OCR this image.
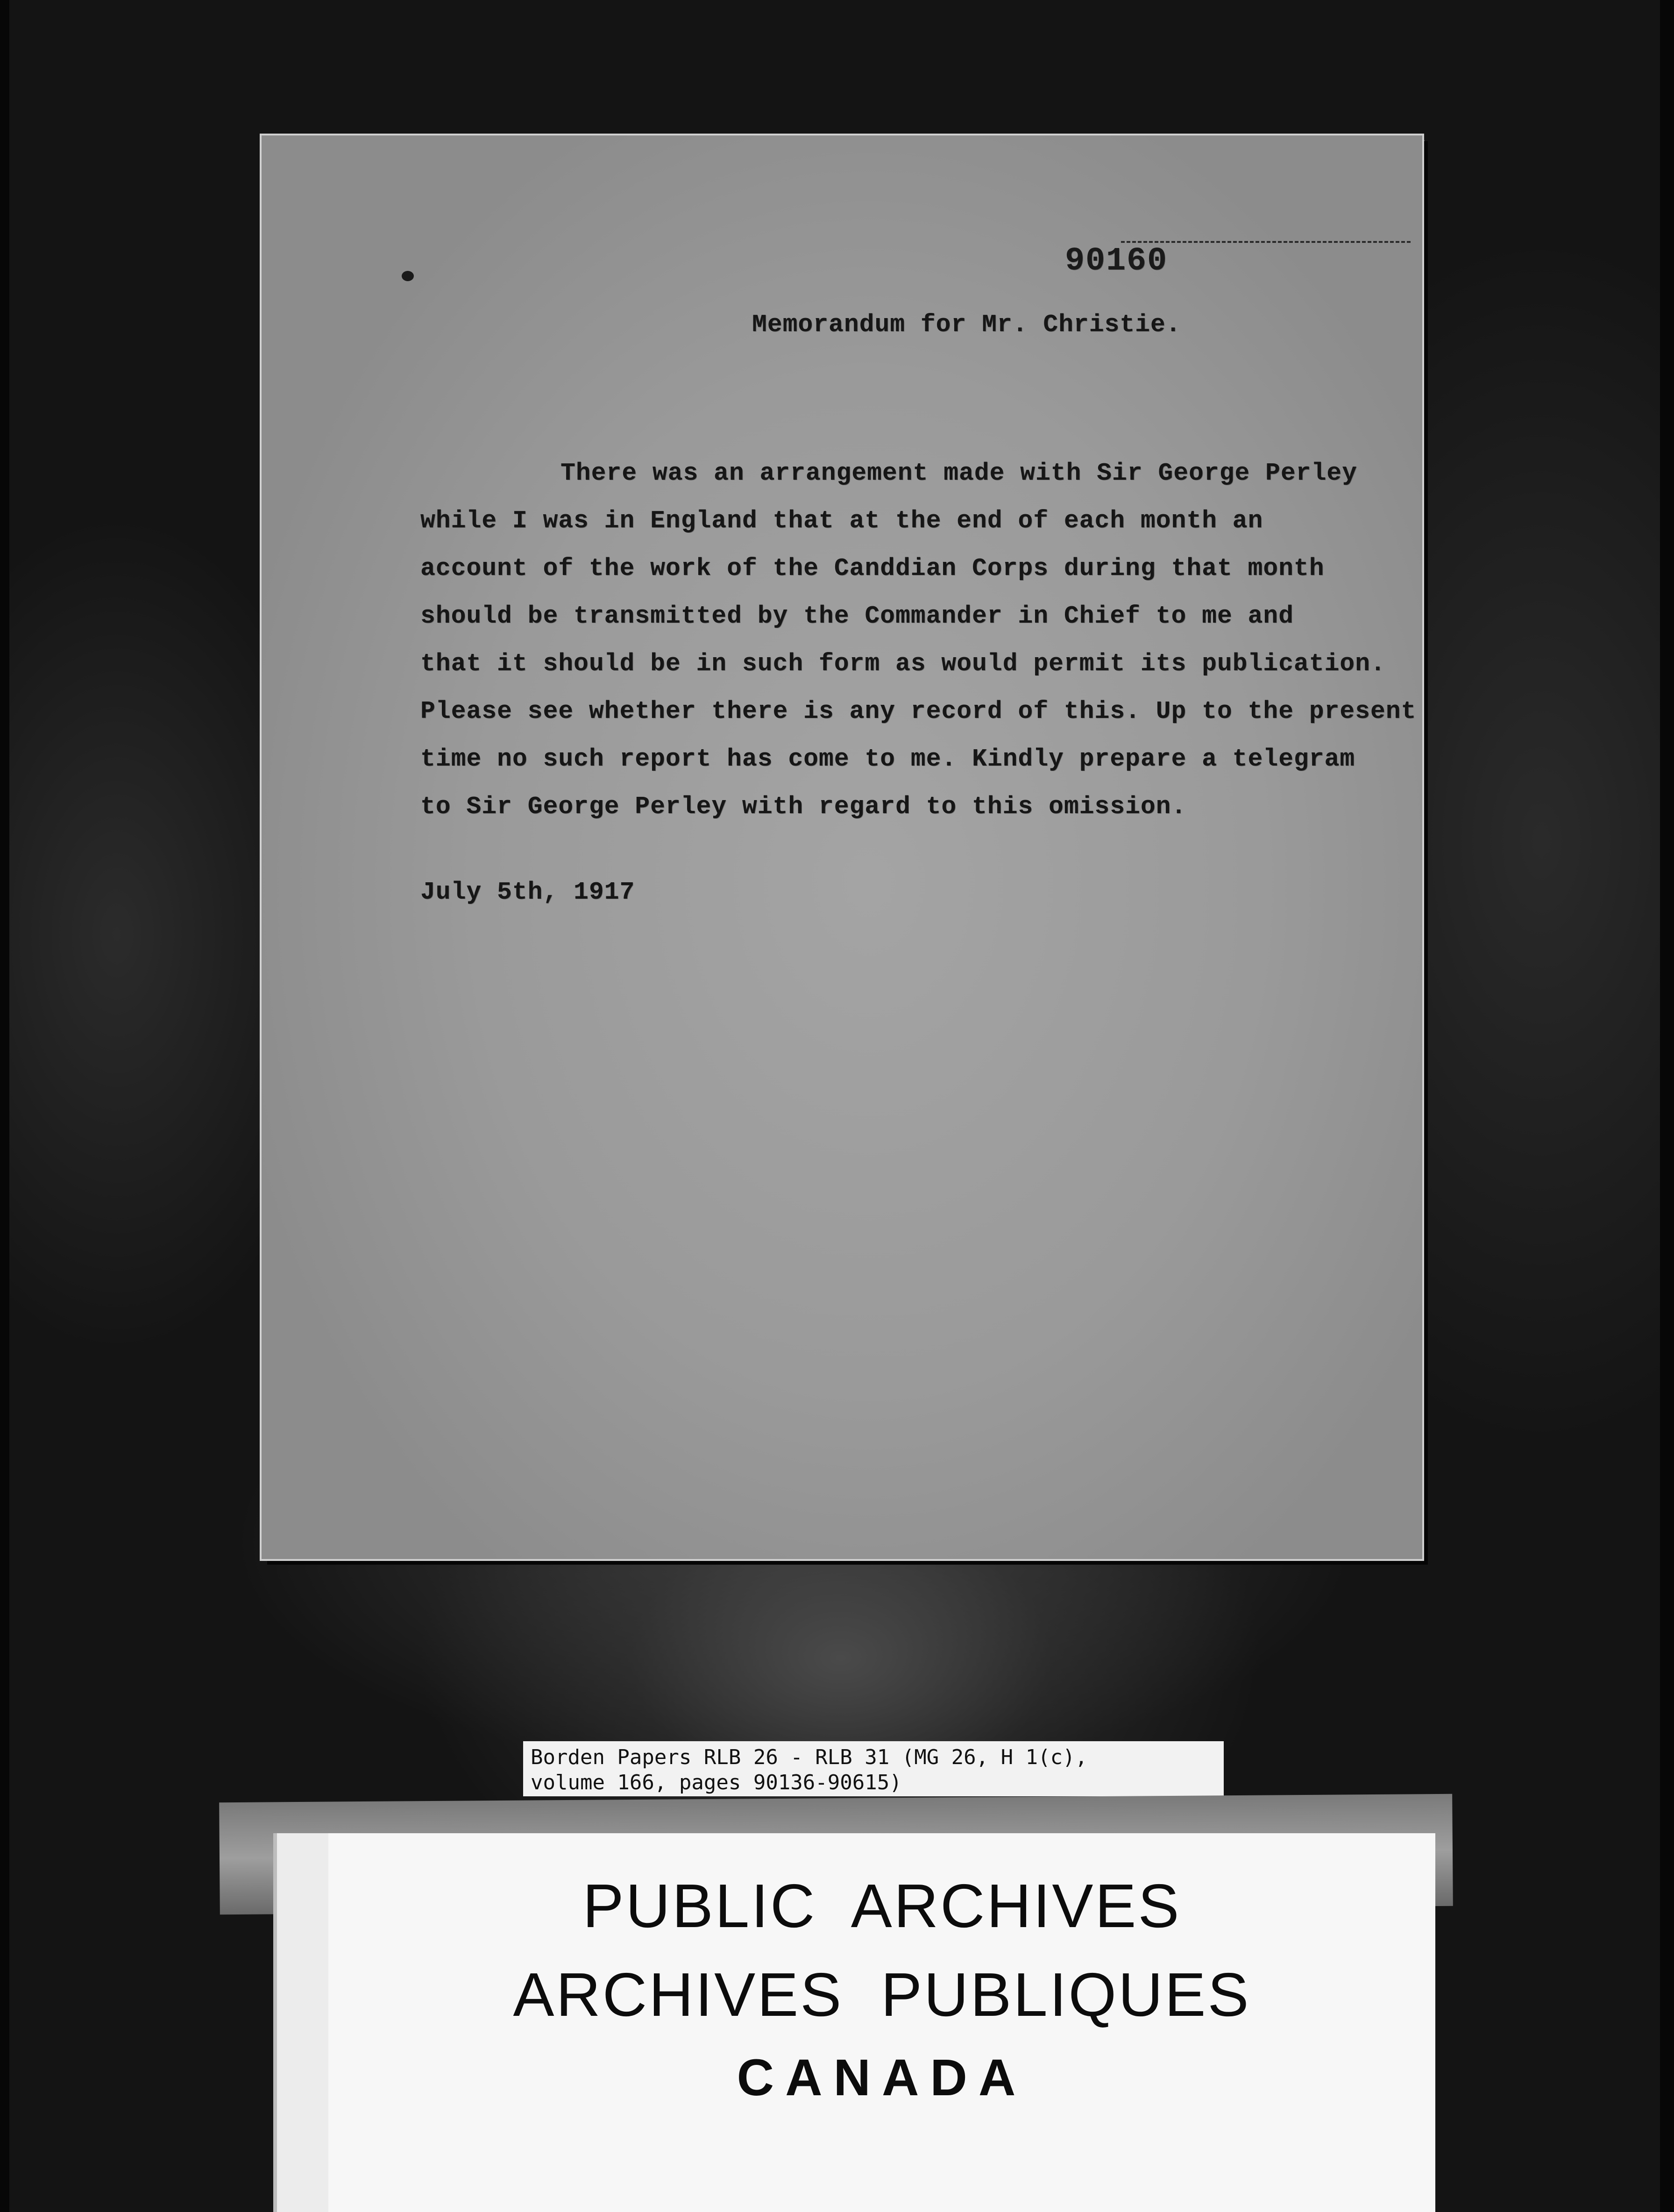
90160
Memorandum for Mr. Christie.
There was an arrangement made with Sir George Perley
while I was in England that at the end of each month an
account of the work of the Canddian Corps during that month
should be transmitted by the Commander in Chief to me and
that it should be in such form as would permit its publication.
Please see whether there is any record of this. Up to the present
time no such report has come to me. Kindly prepare a telegram
to Sir George Perley with regard to this omission.
July 5th, 1917
Borden Papers RLB 26 - RLB 31 (MG 26, H 1(c),
volume 166, pages 90136-90615)
PUBLIC ARCHIVES
ARCHIVES PUBLIQUES
CANADA
